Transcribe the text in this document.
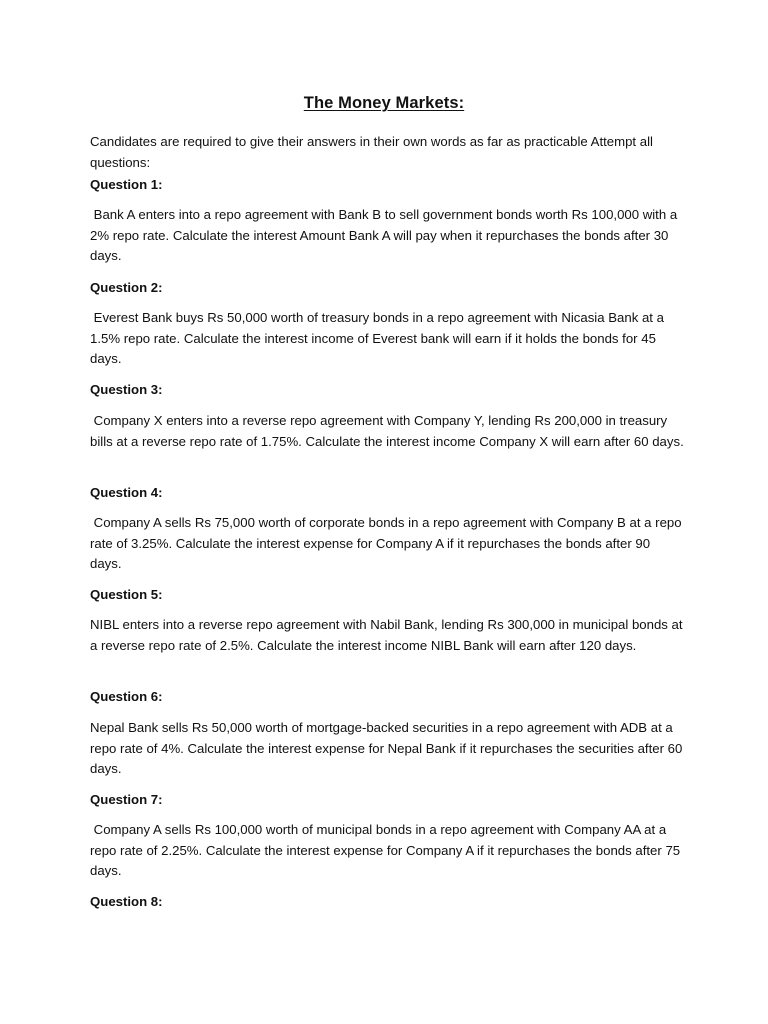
The Money Markets:
Candidates are required to give their answers in their own words as far as practicable Attempt all questions:
Question 1:
Bank A enters into a repo agreement with Bank B to sell government bonds worth Rs 100,000 with a 2% repo rate. Calculate the interest Amount Bank A will pay when it repurchases the bonds after 30 days.
Question 2:
Everest Bank buys Rs 50,000 worth of treasury bonds in a repo agreement with Nicasia Bank at a 1.5% repo rate. Calculate the interest income of Everest bank will earn if it holds the bonds for 45 days.
Question 3:
Company X enters into a reverse repo agreement with Company Y, lending Rs 200,000 in treasury bills at a reverse repo rate of 1.75%. Calculate the interest income Company X will earn after 60 days.
Question 4:
Company A sells Rs 75,000 worth of corporate bonds in a repo agreement with Company B at a repo rate of 3.25%. Calculate the interest expense for Company A if it repurchases the bonds after 90 days.
Question 5:
NIBL enters into a reverse repo agreement with Nabil Bank, lending Rs 300,000 in municipal bonds at a reverse repo rate of 2.5%. Calculate the interest income NIBL Bank will earn after 120 days.
Question 6:
Nepal Bank sells Rs 50,000 worth of mortgage-backed securities in a repo agreement with ADB at a repo rate of 4%. Calculate the interest expense for Nepal Bank if it repurchases the securities after 60 days.
Question 7:
Company A sells Rs 100,000 worth of municipal bonds in a repo agreement with Company AA at a repo rate of 2.25%. Calculate the interest expense for Company A if it repurchases the bonds after 75 days.
Question 8:
